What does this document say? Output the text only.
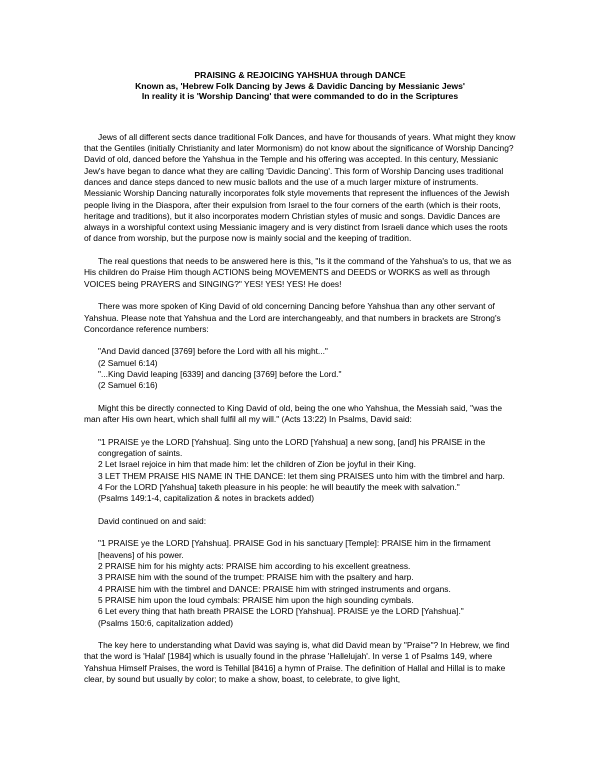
PRAISING & REJOICING YAHSHUA through DANCE
Known as, 'Hebrew Folk Dancing by Jews & Davidic Dancing by Messianic Jews'
In reality it is 'Worship Dancing' that were commanded to do in the Scriptures

Jews of all different sects dance traditional Folk Dances, and have for thousands of years. What might they know that the Gentiles (initially Christianity and later Mormonism) do not know about the significance of Worship Dancing? David of old, danced before the Yahshua in the Temple and his offering was accepted. In this century, Messianic Jew's have began to dance what they are calling 'Davidic Dancing'. This form of Worship Dancing uses traditional dances and dance steps danced to new music ballots and the use of a much larger mixture of instruments. Messianic Worship Dancing naturally incorporates folk style movements that represent the influences of the Jewish people living in the Diaspora, after their expulsion from Israel to the four corners of the earth (which is their roots, heritage and traditions), but it also incorporates modern Christian styles of music and songs. Davidic Dances are always in a worshipful context using Messianic imagery and is very distinct from Israeli dance which uses the roots of dance from worship, but the purpose now is mainly social and the keeping of tradition.

The real questions that needs to be answered here is this, "Is it the command of the Yahshua's to us, that we as His children do Praise Him though ACTIONS being MOVEMENTS and DEEDS or WORKS as well as through VOICES being PRAYERS and SINGING?" YES! YES! YES! He does!

There was more spoken of King David of old concerning Dancing before Yahshua than any other servant of Yahshua. Please note that Yahshua and the Lord are interchangeably, and that numbers in brackets are Strong's Concordance reference numbers:

"And David danced [3769] before the Lord with all his might..."
(2 Samuel 6:14)
"...King David leaping [6339] and dancing [3769] before the Lord."
(2 Samuel 6:16)

Might this be directly connected to King David of old, being the one who Yahshua, the Messiah said, "was the man after His own heart, which shall fulfil all my will." (Acts 13:22) In Psalms, David said:

"1 PRAISE ye the LORD [Yahshua]. Sing unto the LORD [Yahshua] a new song, [and] his PRAISE in the congregation of saints.
2 Let Israel rejoice in him that made him: let the children of Zion be joyful in their King.
3 LET THEM PRAISE HIS NAME IN THE DANCE: let them sing PRAISES unto him with the timbrel and harp.
4 For the LORD [Yahshua] taketh pleasure in his people: he will beautify the meek with salvation."
(Psalms 149:1-4, capitalization & notes in brackets added)

David continued on and said:

"1 PRAISE ye the LORD [Yahshua]. PRAISE God in his sanctuary [Temple]: PRAISE him in the firmament [heavens] of his power.
2 PRAISE him for his mighty acts: PRAISE him according to his excellent greatness.
3 PRAISE him with the sound of the trumpet: PRAISE him with the psaltery and harp.
4 PRAISE him with the timbrel and DANCE: PRAISE him with stringed instruments and organs.
5 PRAISE him upon the loud cymbals: PRAISE him upon the high sounding cymbals.
6 Let every thing that hath breath PRAISE the LORD [Yahshua]. PRAISE ye the LORD [Yahshua]."
(Psalms 150:6, capitalization added)

The key here to understanding what David was saying is, what did David mean by "Praise"? In Hebrew, we find that the word is 'Halal' [1984] which is usually found in the phrase 'Hallelujah'. In verse 1 of Psalms 149, where Yahshua Himself Praises, the word is Tehillal [8416] a hymn of Praise. The definition of Hallal and Hillal is to make clear, by sound but usually by color; to make a show, boast, to celebrate, to give light,
